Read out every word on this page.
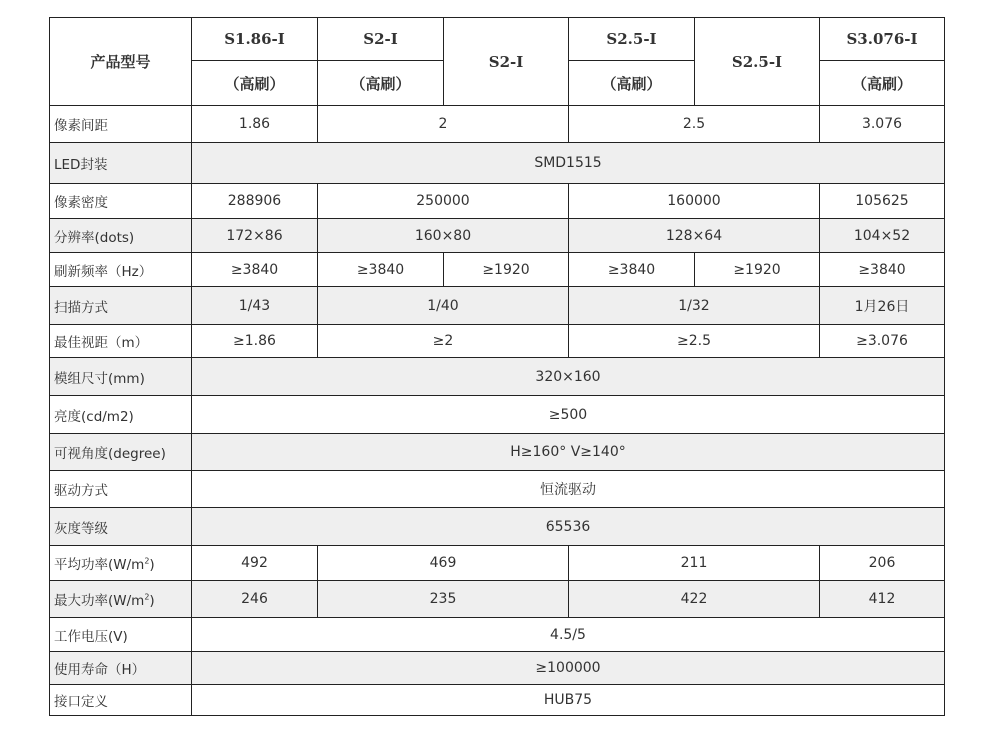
产品型号	S1.86-I	S2-I	S2-I	S2.5-I	S2.5-I	S3.076-I
	（高刷）	（高刷）		（高刷）		（高刷）
像素间距	1.86	2		2.5		3.076
LED封装	SMD1515					
像素密度	288906	250000		160000		105625
分辨率(dots)	172×86	160×80		128×64		104×52
刷新频率（Hz）	≥3840	≥3840	≥1920	≥3840	≥1920	≥3840
扫描方式	1/43	1/40		1/32		1月26日
最佳视距（m）	≥1.86	≥2		≥2.5		≥3.076
模组尺寸(mm)	320×160					
亮度(cd/m2)	≥500					
可视角度(degree)	H≥160° V≥140°					
驱动方式	恒流驱动					
灰度等级	65536					
平均功率$(W/m^2)$	492	469		211		206
最大功率$(W/m^2)$	246	235		422		412
工作电压(V)	4.5/5					
使用寿命（H）	≥100000					
接口定义	HUB75					
